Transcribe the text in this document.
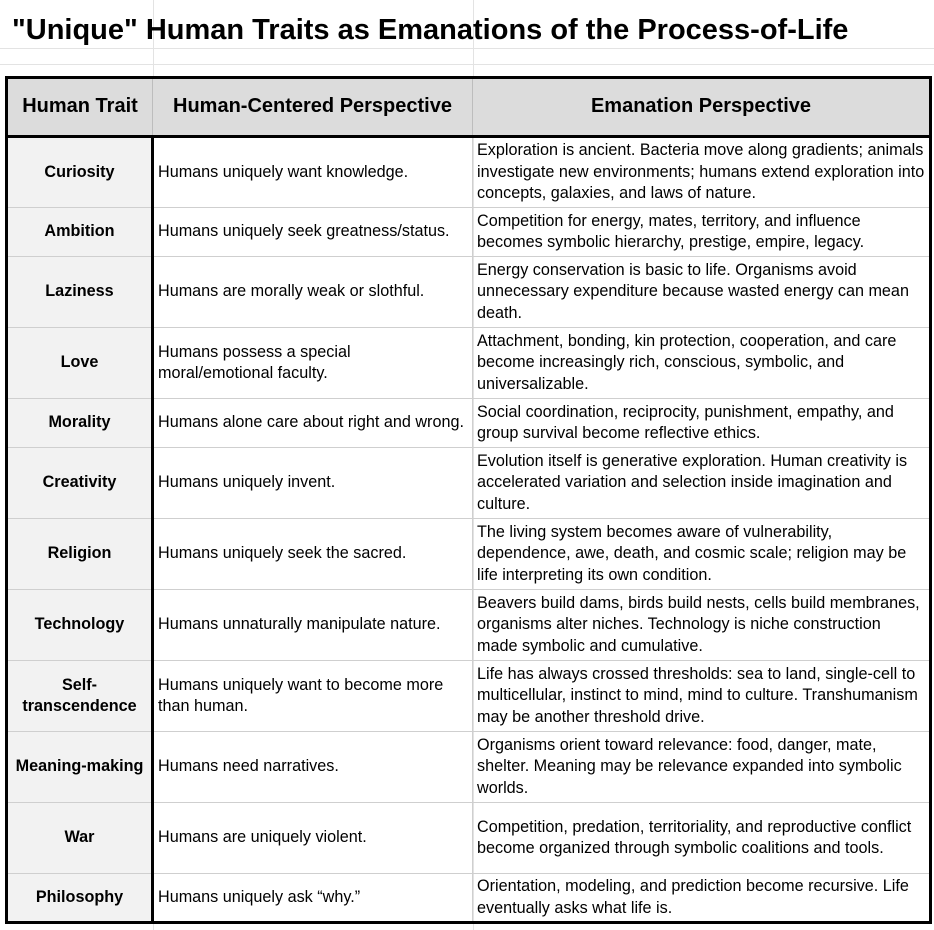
"Unique" Human Traits as Emanations of the Process-of-Life
Human Trait	Human-Centered Perspective	Emanation Perspective
Curiosity	Humans uniquely want knowledge.	Exploration is ancient. Bacteria move along gradients; animals investigate new environments; humans extend exploration into concepts, galaxies, and laws of nature.
Ambition	Humans uniquely seek greatness/status.	Competition for energy, mates, territory, and influence becomes symbolic hierarchy, prestige, empire, legacy.
Laziness	Humans are morally weak or slothful.	Energy conservation is basic to life. Organisms avoid unnecessary expenditure because wasted energy can mean death.
Love	Humans possess a special moral/emotional faculty.	Attachment, bonding, kin protection, cooperation, and care become increasingly rich, conscious, symbolic, and universalizable.
Morality	Humans alone care about right and wrong.	Social coordination, reciprocity, punishment, empathy, and group survival become reflective ethics.
Creativity	Humans uniquely invent.	Evolution itself is generative exploration. Human creativity is accelerated variation and selection inside imagination and culture.
Religion	Humans uniquely seek the sacred.	The living system becomes aware of vulnerability, dependence, awe, death, and cosmic scale; religion may be life interpreting its own condition.
Technology	Humans unnaturally manipulate nature.	Beavers build dams, birds build nests, cells build membranes, organisms alter niches. Technology is niche construction made symbolic and cumulative.
Self-transcendence	Humans uniquely want to become more than human.	Life has always crossed thresholds: sea to land, single-cell to multicellular, instinct to mind, mind to culture. Transhumanism may be another threshold drive.
Meaning-making	Humans need narratives.	Organisms orient toward relevance: food, danger, mate, shelter. Meaning may be relevance expanded into symbolic worlds.
War	Humans are uniquely violent.	Competition, predation, territoriality, and reproductive conflict become organized through symbolic coalitions and tools.
Philosophy	Humans uniquely ask “why.”	Orientation, modeling, and prediction become recursive. Life eventually asks what life is.
